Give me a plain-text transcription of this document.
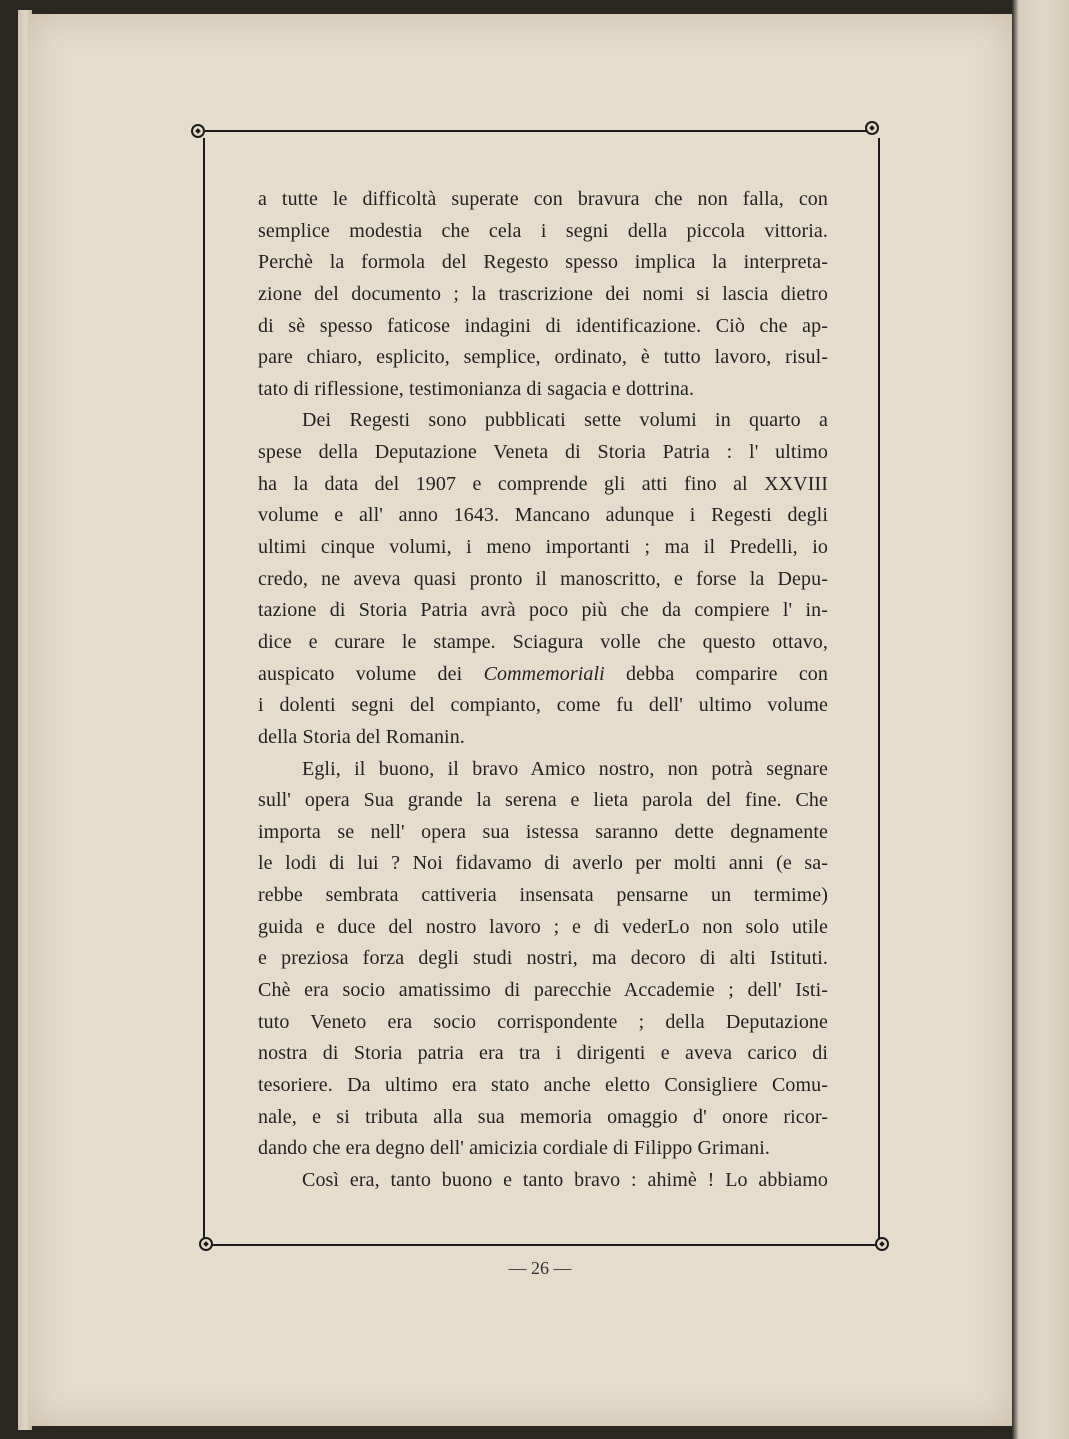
a tutte le difficoltà superate con bravura che non falla, con
semplice modestia che cela i segni della piccola vittoria.
Perchè la formola del Regesto spesso implica la interpreta-
zione del documento ; la trascrizione dei nomi si lascia dietro
di sè spesso faticose indagini di identificazione. Ciò che ap-
pare chiaro, esplicito, semplice, ordinato, è tutto lavoro, risul-
tato di riflessione, testimonianza di sagacia e dottrina.
Dei Regesti sono pubblicati sette volumi in quarto a
spese della Deputazione Veneta di Storia Patria : l' ultimo
ha la data del 1907 e comprende gli atti fino al XXVIII
volume e all' anno 1643. Mancano adunque i Regesti degli
ultimi cinque volumi, i meno importanti ; ma il Predelli, io
credo, ne aveva quasi pronto il manoscritto, e forse la Depu-
tazione di Storia Patria avrà poco più che da compiere l' in-
dice e curare le stampe. Sciagura volle che questo ottavo,
auspicato volume dei Commemoriali debba comparire con
i dolenti segni del compianto, come fu dell' ultimo volume
della Storia del Romanin.
Egli, il buono, il bravo Amico nostro, non potrà segnare
sull' opera Sua grande la serena e lieta parola del fine. Che
importa se nell' opera sua istessa saranno dette degnamente
le lodi di lui ? Noi fidavamo di averlo per molti anni (e sa-
rebbe sembrata cattiveria insensata pensarne un termime)
guida e duce del nostro lavoro ; e di vederLo non solo utile
e preziosa forza degli studi nostri, ma decoro di alti Istituti.
Chè era socio amatissimo di parecchie Accademie ; dell' Isti-
tuto Veneto era socio corrispondente ; della Deputazione
nostra di Storia patria era tra i dirigenti e aveva carico di
tesoriere. Da ultimo era stato anche eletto Consigliere Comu-
nale, e si tributa alla sua memoria omaggio d' onore ricor-
dando che era degno dell' amicizia cordiale di Filippo Grimani.
Così era, tanto buono e tanto bravo : ahimè ! Lo abbiamo
— 26 —
